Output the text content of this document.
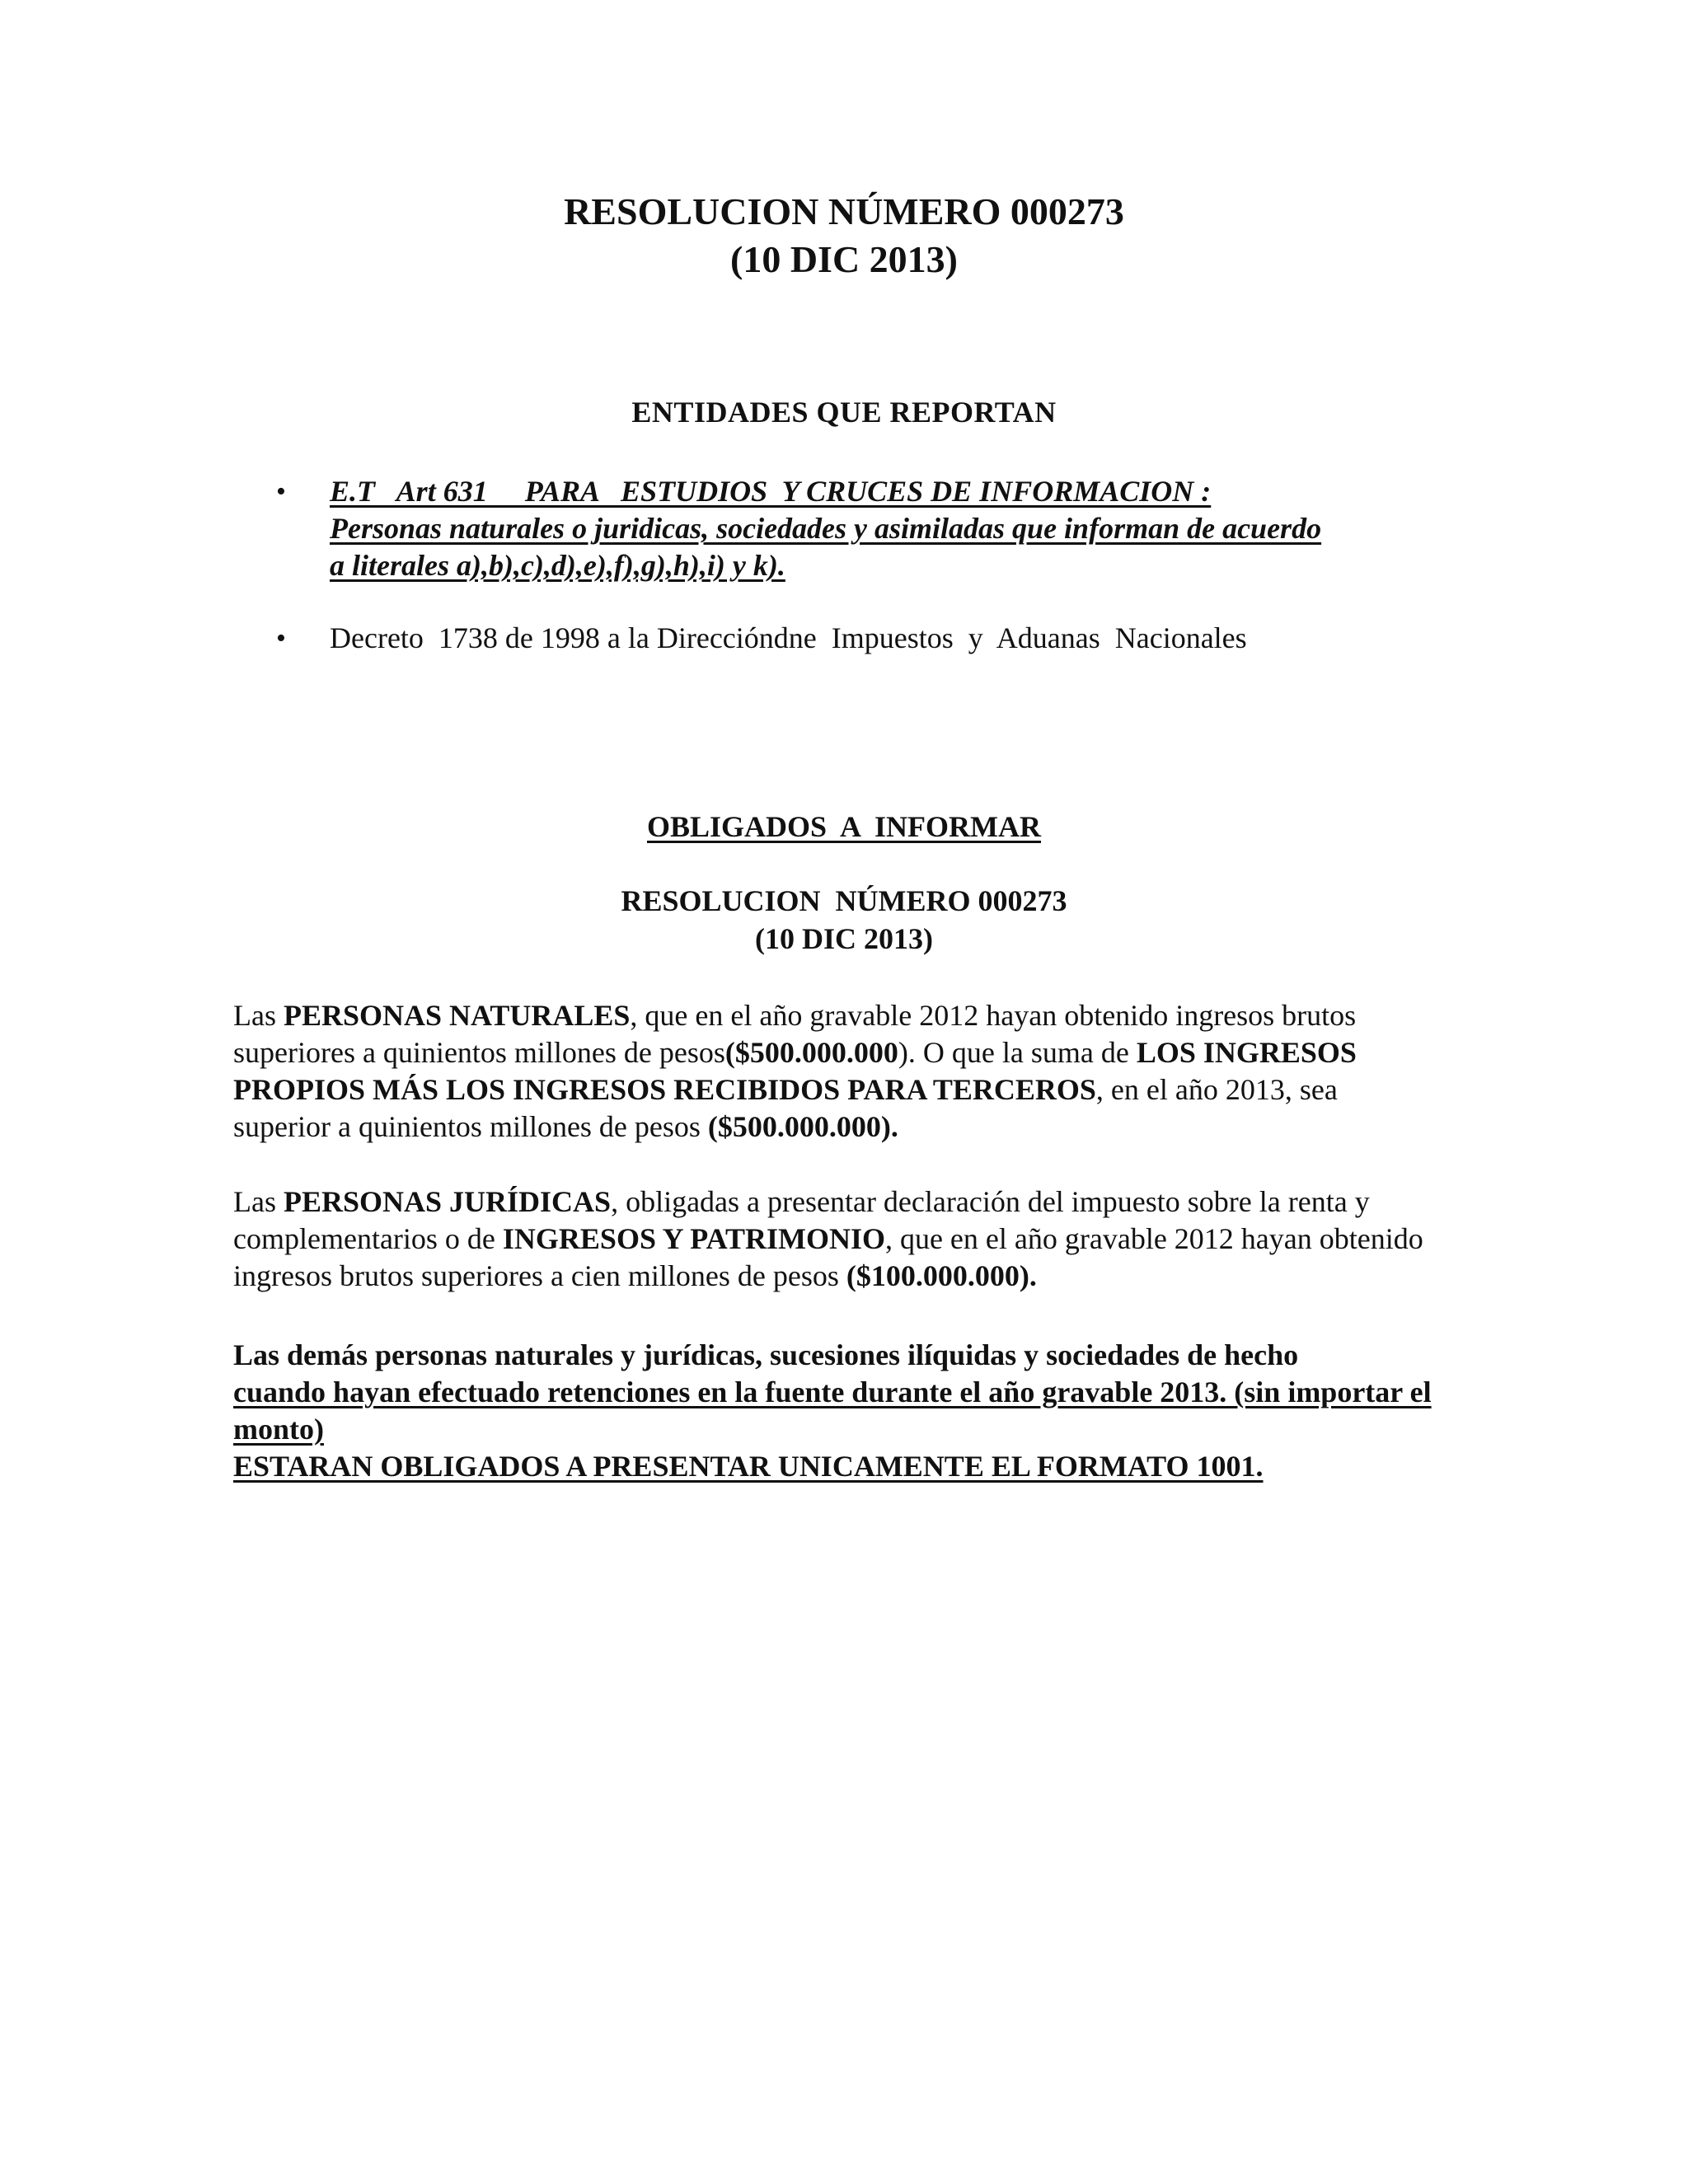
RESOLUCION NÚMERO 000273
(10 DIC 2013)
ENTIDADES QUE REPORTAN
• E.T   Art 631     PARA   ESTUDIOS  Y CRUCES DE INFORMACION :
Personas naturales o juridicas, sociedades y asimiladas que informan de acuerdo
a literales a),b),c),d),e),f),g),h),i) y k).
• Decreto  1738 de 1998 a la Direccióndne  Impuestos  y  Aduanas  Nacionales
OBLIGADOS  A  INFORMAR
RESOLUCION  NÚMERO 000273
(10 DIC 2013)

Las PERSONAS NATURALES, que en el año gravable 2012 hayan obtenido ingresos brutos superiores a quinientos millones de pesos($500.000.000). O que la suma de LOS INGRESOS PROPIOS MÁS LOS INGRESOS RECIBIDOS PARA TERCEROS, en el año 2013, sea superior a quinientos millones de pesos ($500.000.000).

Las PERSONAS JURÍDICAS, obligadas a presentar declaración del impuesto sobre la renta y complementarios o de INGRESOS Y PATRIMONIO, que en el año gravable 2012 hayan obtenido ingresos brutos superiores a cien millones de pesos ($100.000.000).

Las demás personas naturales y jurídicas, sucesiones ilíquidas y sociedades de hecho
cuando hayan efectuado retenciones en la fuente durante el año gravable 2013. (sin importar el monto)
ESTARAN OBLIGADOS A PRESENTAR UNICAMENTE EL FORMATO 1001.
